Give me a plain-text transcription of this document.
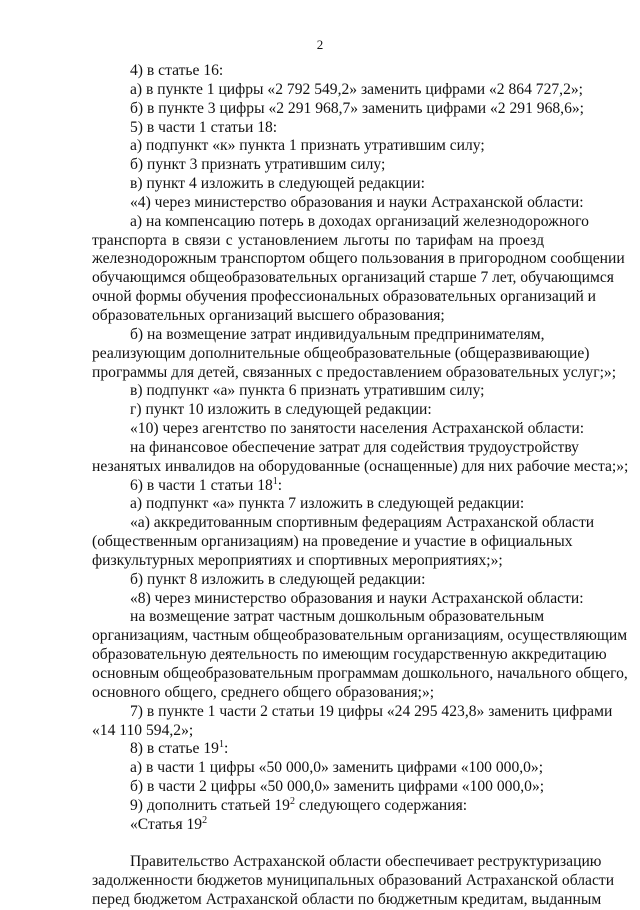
2
4) в статье 16:
а) в пункте 1 цифры «2 792 549,2» заменить цифрами «2 864 727,2»;
б) в пункте 3 цифры «2 291 968,7» заменить цифрами «2 291 968,6»;
5) в части 1 статьи 18:
а) подпункт «к» пункта 1 признать утратившим силу;
б) пункт 3 признать утратившим силу;
в) пункт 4 изложить в следующей редакции:
«4) через министерство образования и науки Астраханской области:
а) на компенсацию потерь в доходах организаций железнодорожного
транспорта в связи с установлением льготы по тарифам на проезд
железнодорожным транспортом общего пользования в пригородном сообщении
обучающимся общеобразовательных организаций старше 7 лет, обучающимся
очной формы обучения профессиональных образовательных организаций и
образовательных организаций высшего образования;
б) на возмещение затрат индивидуальным предпринимателям,
реализующим дополнительные общеобразовательные (общеразвивающие)
программы для детей, связанных с предоставлением образовательных услуг;»;
в) подпункт «а» пункта 6 признать утратившим силу;
г) пункт 10 изложить в следующей редакции:
«10) через агентство по занятости населения Астраханской области:
на финансовое обеспечение затрат для содействия трудоустройству
незанятых инвалидов на оборудованные (оснащенные) для них рабочие места;»;
6) в части 1 статьи $18^1$:
а) подпункт «а» пункта 7 изложить в следующей редакции:
«а) аккредитованным спортивным федерациям Астраханской области
(общественным организациям) на проведение и участие в официальных
физкультурных мероприятиях и спортивных мероприятиях;»;
б) пункт 8 изложить в следующей редакции:
«8) через министерство образования и науки Астраханской области:
на возмещение затрат частным дошкольным образовательным
организациям, частным общеобразовательным организациям, осуществляющим
образовательную деятельность по имеющим государственную аккредитацию
основным общеобразовательным программам дошкольного, начального общего,
основного общего, среднего общего образования;»;
7) в пункте 1 части 2 статьи 19 цифры «24 295 423,8» заменить цифрами
«14 110 594,2»;
8) в статье $19^1$:
а) в части 1 цифры «50 000,0» заменить цифрами «100 000,0»;
б) в части 2 цифры «50 000,0» заменить цифрами «100 000,0»;
9) дополнить статьей $19^2$ следующего содержания:
«Статья $19^2$
Правительство Астраханской области обеспечивает реструктуризацию
задолженности бюджетов муниципальных образований Астраханской области
перед бюджетом Астраханской области по бюджетным кредитам, выданным
